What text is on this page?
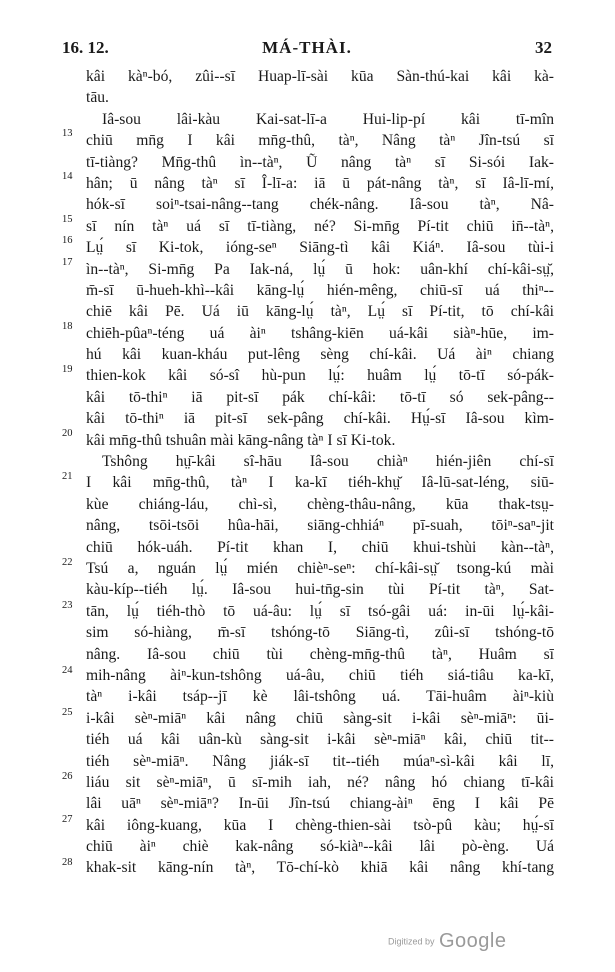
16. 12.	MÁ-THÀI.	32
13
14
15
16
17
18
19
20
21
22
23
24
25
26
27
28
kâi kàⁿ-bó, zûi--sī Huap-lī-sài kūa Sàn-thú-kai kâi kà-
tāu.
Iâ-sou lâi-kàu Kai-sat-lī-a Hui-lip-pí kâi tī-mîn
chiū mn̄g I kâi mn̄g-thû, tàⁿ, Nâng tàⁿ Jîn-tsú sī
tī-tiàng? Mn̄g-thû ìn--tàⁿ, Ũ nâng tàⁿ sī Si-sói Iak-
hân; ū nâng tàⁿ sī Î-lī-a: iā ū pát-nâng tàⁿ, sī Iâ-lī-mí,
hók-sī soiⁿ-tsai-nâng--tang chék-nâng. Iâ-sou tàⁿ, Nâ-
sī nín tàⁿ uá sī tī-tiàng, né? Si-mn̄g Pí-tit chiū in̄--tàⁿ,
Lṳ́ sī Ki-tok, ióng-seⁿ Siāng-tì kâi Kiáⁿ. Iâ-sou tùi-i
ìn--tàⁿ, Si-mn̄g Pa Iak-ná, lṳ́ ū hok: uân-khí chí-kâi-sṳ̆,
m̄-sī ū-hueh-khì--kâi kāng-lṳ́ hién-mêng, chiū-sī uá thiⁿ--
chiē kâi Pē. Uá iū kāng-lṳ́ tàⁿ, Lṳ́ sī Pí-tit, tō chí-kâi
chiēh-pûaⁿ-téng uá àiⁿ tshâng-kiēn uá-kâi siàⁿ-hūe, im-
hú kâi kuan-kháu put-lêng sèng chí-kâi. Uá àiⁿ chiang
thien-kok kâi só-sî hù-pun lṳ́: huâm lṳ́ tō-tī só-pák-
kâi tō-thiⁿ iā pit-sī pák chí-kâi: tō-tī só sek-pâng--
kâi tō-thiⁿ iā pit-sī sek-pâng chí-kâi. Hṳ́-sī Iâ-sou kìm-
kâi mn̄g-thû tshuân mài kāng-nâng tàⁿ I sī Ki-tok.
Tshông hṳ̄-kâi sî-hāu Iâ-sou chiàⁿ hién-jiên chí-sī
I kâi mn̄g-thû, tàⁿ I ka-kī tiéh-khṳ̆ Iâ-lū-sat-léng, siū-
kùe chiáng-láu, chì-sì, chèng-thâu-nâng, kūa thak-tsṳ-
nâng, tsōi-tsōi hûa-hāi, siāng-chhiáⁿ pī-suah, tōiⁿ-saⁿ-jit
chiū hók-uáh. Pí-tit khan I, chiū khui-tshùi kàn--tàⁿ,
Tsú a, nguán lṳ́ mién chièⁿ-seⁿ: chí-kâi-sṳ̆ tsong-kú mài
kàu-kíp--tiéh lṳ́. Iâ-sou hui-tn̄g-sin tùi Pí-tit tàⁿ, Sat-
tān, lṳ́ tiéh-thò tō uá-âu: lṳ́ sī tsó-gâi uá: in-ūi lṳ́-kâi-
sim só-hiàng, m̄-sī tshóng-tō Siāng-tì, zûi-sī tshóng-tō
nâng. Iâ-sou chiū tùi chèng-mn̄g-thû tàⁿ, Huâm sī
mih-nâng àiⁿ-kun-tshông uá-âu, chiū tiéh siá-tiâu ka-kī,
tàⁿ i-kâi tsáp--jī kè lâi-tshông uá. Tāi-huâm àiⁿ-kiù
i-kâi sèⁿ-miāⁿ kâi nâng chiū sàng-sit i-kâi sèⁿ-miāⁿ: ūi-
tiéh uá kâi uân-kù sàng-sit i-kâi sèⁿ-miāⁿ kâi, chiū tit--
tiéh sèⁿ-miāⁿ. Nâng jiák-sī tit--tiéh múaⁿ-sì-kâi kâi lī,
liáu sit sèⁿ-miāⁿ, ū sī-mih iah, né? nâng hó chiang tī-kâi
lâi uāⁿ sèⁿ-miāⁿ? In-ūi Jîn-tsú chiang-àiⁿ ēng I kâi Pē
kâi iông-kuang, kūa I chèng-thien-sài tsò-pû kàu; hṳ́-sī
chiū àiⁿ chiè kak-nâng só-kiàⁿ--kâi lâi pò-èng. Uá
khak-sit kāng-nín tàⁿ, Tō-chí-kò khiā kâi nâng khí-tang
Digitized by Google
